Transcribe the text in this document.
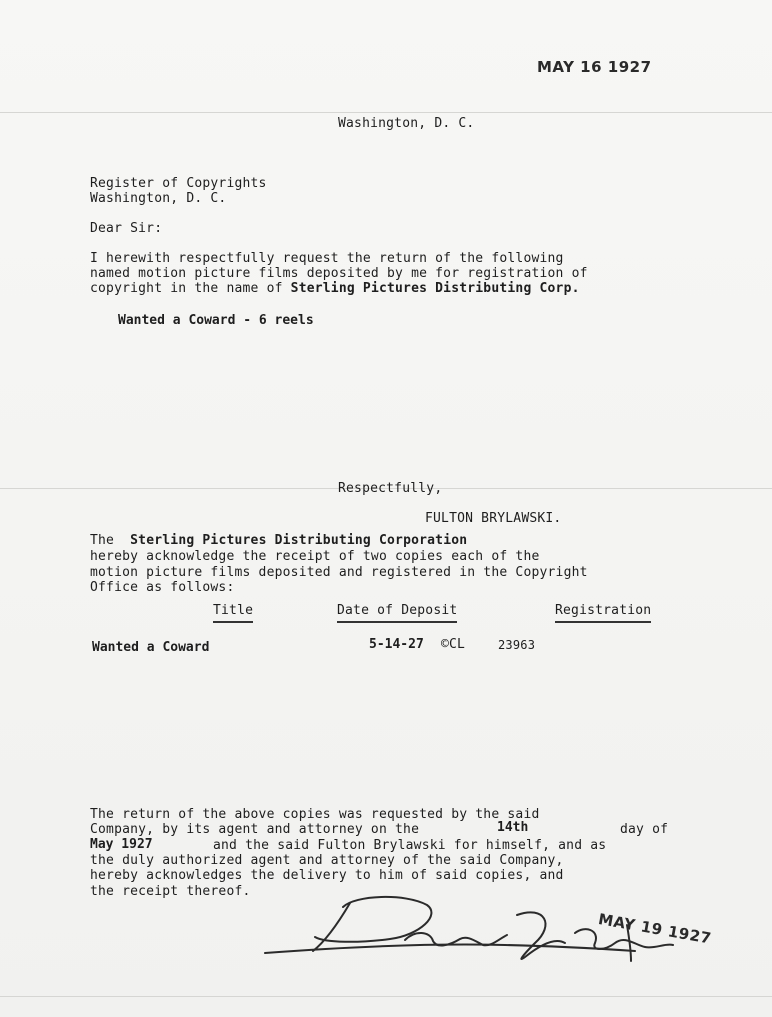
MAY 16 1927
Washington, D. C.
Register of Copyrights
Washington, D. C.
Dear Sir:
I herewith respectfully request the return of the following
named motion picture films deposited by me for registration of
copyright in the name of Sterling Pictures Distributing Corp.
Wanted a Coward - 6 reels
Respectfully,
FULTON BRYLAWSKI.
The Sterling Pictures Distributing Corporation
hereby acknowledge the receipt of two copies each of the
motion picture films deposited and registered in the Copyright
Office as follows:
Title	Date of Deposit	Registration
Wanted a Coward	5-14-27 ©CL	23963
The return of the above copies was requested by the said
Company, by its agent and attorney on the	14th	day of
May 1927	and the said Fulton Brylawski for himself, and as
the duly authorized agent and attorney of the said Company,
hereby acknowledges the delivery to him of said copies, and
the receipt thereof.
MAY 19 1927
